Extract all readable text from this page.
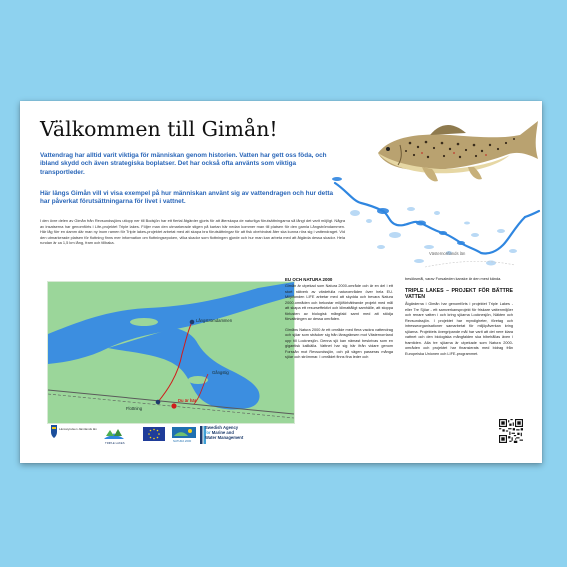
Välkommen till Gimån!
Vattendrag har alltid varit viktiga för människan genom historien. Vatten har gett oss föda, och ibland skydd och även strategiska boplatser. Det har också ofta använts som viktiga transportleder.
Här längs Gimån vill vi visa exempel på hur människan använt sig av vattendragen och hur detta har påverkat förutsättningarna för livet i vattnet.
I den övre delen av Gimån från Revsundssjöns utlopp ner till Bodsjön har ett flertal åtgärder gjorts för att återskapa de naturliga förutsättningarna så långt det varit möjligt. Några av insatserna har genomförts i Life-projektet Triple lakes. Följer man den utmarkerade stigen på kartan här nedan kommer man till platsen för den gamla Långströmdammen. Här låg förr en damm där man ny inom ramen för Triple lakes-projektet arbetat med att skapa bra förutsättningar för att fisk obehindrat åter ska kunna röra sig i vattendraget. Vid den utmarkerade platsen för flottning finns mer information om flottningsepoken, vilka skador som flottningen gjorde och hur man kan arbeta med att åtgärda dessa skador. Hela rundan är ca 1,5 km lång, fram och tillbaka.
Västernorrlands län
Långströmdammen
Gångstig
Flottning
Du är här
EU OCH NATURA 2000

Gimån är utpekad som Natura 2000-område och är en del i ett stort nätverk av värdefulla naturområden över hela EU. Miljöfonden LIFE arbetar med att skydda och bevara Natura 2000-områden och bekostar miljöförbättrande projekt med mål att skapa ett resurseffektivt och klimattåligt samhälle, att stoppa förlusten av biologisk mångfald samt med att stödja förvaltningen av dessa områden.

Gimåns Natura 2000 är ett område med flera vackra vattendrag och sjöar som sträcker sig från länsgränsen mot Västernorrland upp till Locknesjön. Denna sjö kan nämast beskrivas som en gigantisk kallkälla. Vattnet har sig här ifrån vidare genom Forssån mot Revsundssjön, och på vägen passeras många sjöar och strömmar. I området finns fina leder och

besöksmål, varav Forsaleden kanske är den mest kända.

TRIPLE LAKES – PROJEKT FÖR BÄTTRE VATTEN

Åtgärderna i Gimån har genomförts i projektet Triple Lakes - eller Tre Sjöar - ett samverkansprojekt för friskare vattenmiljöer och renare vatten i och kring sjöarna Locknesjön, Näkten och Revsundssjön. I projektet har myndigheter, företag och intresseorganisationer samarbetat för miljöpåverkan kring sjöarna. Projektets övergripande mål har varit att det nere klara vattnet och den biologiska mångfalden ska bibehållas även i framtiden. Alla tre sjöarna är utpekade som Natura 2000-områden och projektet har finansierats med bidrag från Europeiska Unionen och LIFE-programmet.

Länsstyrelsen Jämtlands län
TRIPLE LAKES	NATURA 2000
Swedish Agency
for Marine and
Water Management
